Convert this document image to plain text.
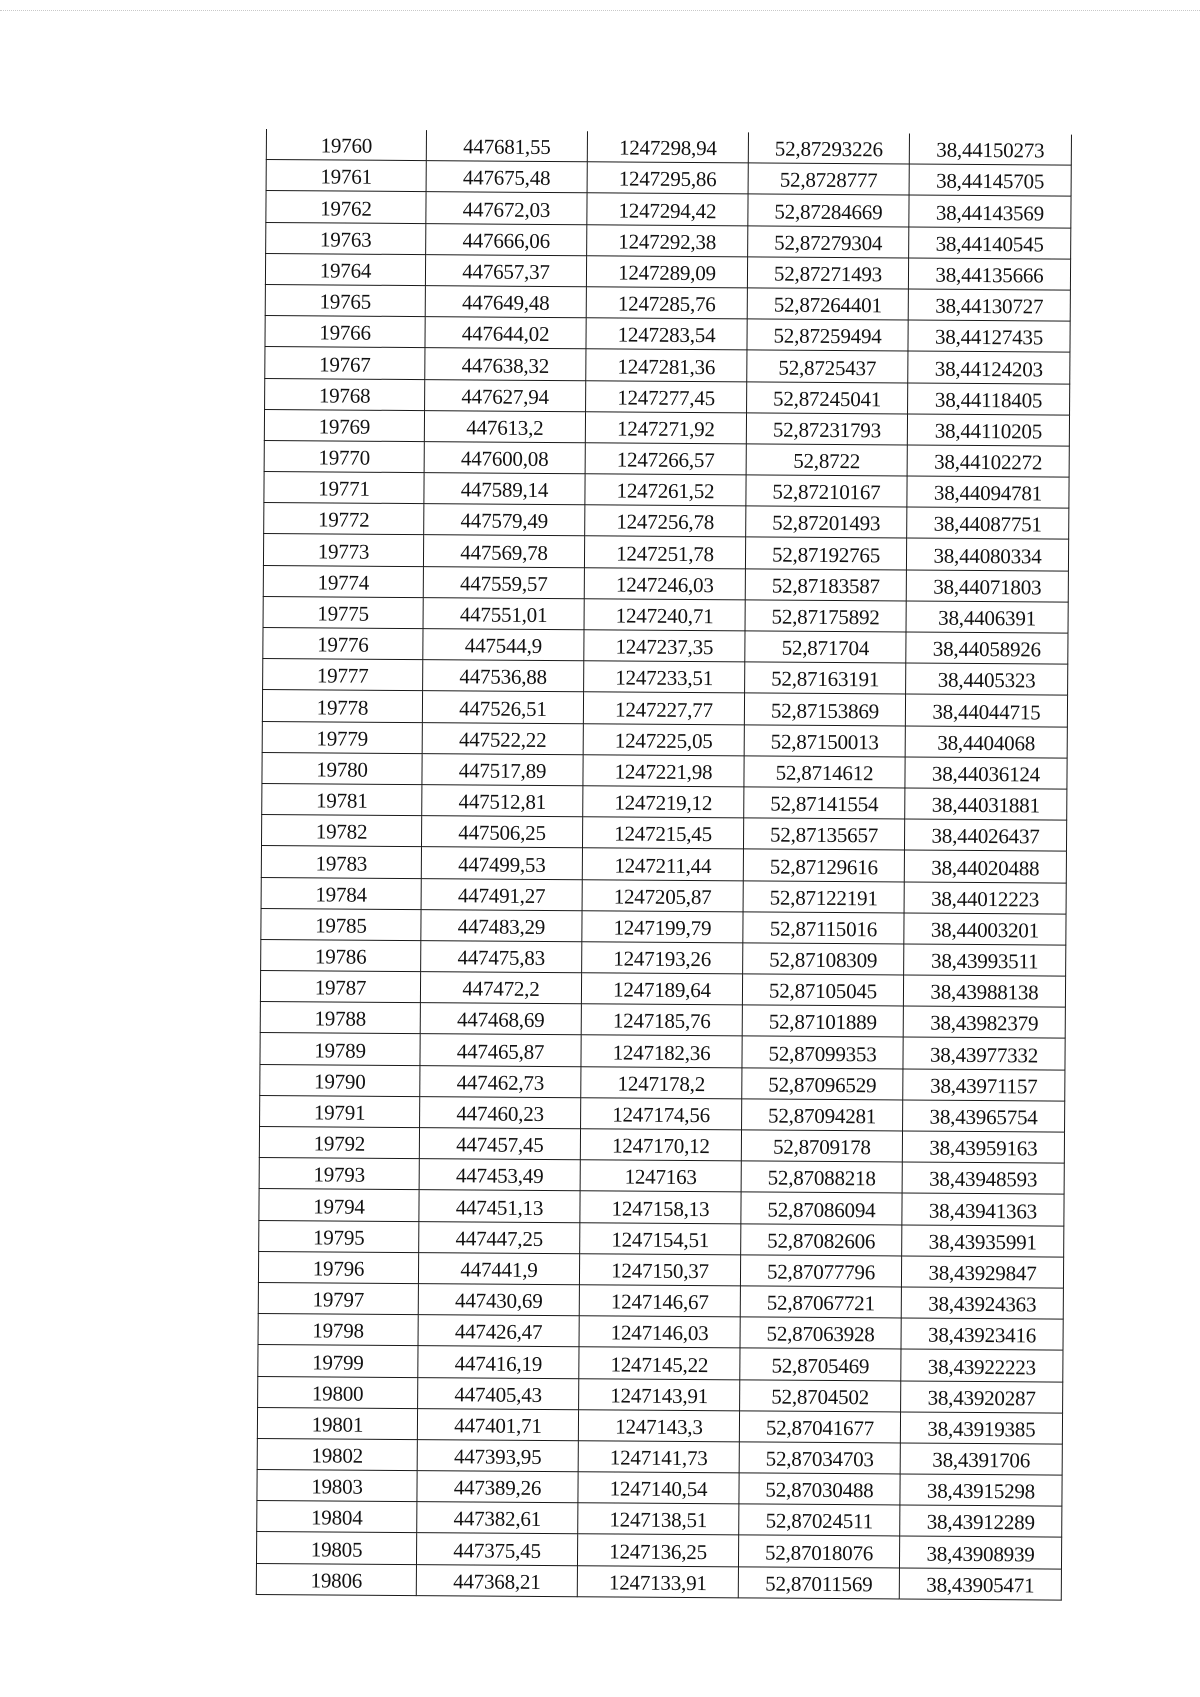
19760	447681,55	1247298,94	52,87293226	38,44150273
19761	447675,48	1247295,86	52,8728777	38,44145705
19762	447672,03	1247294,42	52,87284669	38,44143569
19763	447666,06	1247292,38	52,87279304	38,44140545
19764	447657,37	1247289,09	52,87271493	38,44135666
19765	447649,48	1247285,76	52,87264401	38,44130727
19766	447644,02	1247283,54	52,87259494	38,44127435
19767	447638,32	1247281,36	52,8725437	38,44124203
19768	447627,94	1247277,45	52,87245041	38,44118405
19769	447613,2	1247271,92	52,87231793	38,44110205
19770	447600,08	1247266,57	52,8722	38,44102272
19771	447589,14	1247261,52	52,87210167	38,44094781
19772	447579,49	1247256,78	52,87201493	38,44087751
19773	447569,78	1247251,78	52,87192765	38,44080334
19774	447559,57	1247246,03	52,87183587	38,44071803
19775	447551,01	1247240,71	52,87175892	38,4406391
19776	447544,9	1247237,35	52,871704	38,44058926
19777	447536,88	1247233,51	52,87163191	38,4405323
19778	447526,51	1247227,77	52,87153869	38,44044715
19779	447522,22	1247225,05	52,87150013	38,4404068
19780	447517,89	1247221,98	52,8714612	38,44036124
19781	447512,81	1247219,12	52,87141554	38,44031881
19782	447506,25	1247215,45	52,87135657	38,44026437
19783	447499,53	1247211,44	52,87129616	38,44020488
19784	447491,27	1247205,87	52,87122191	38,44012223
19785	447483,29	1247199,79	52,87115016	38,44003201
19786	447475,83	1247193,26	52,87108309	38,43993511
19787	447472,2	1247189,64	52,87105045	38,43988138
19788	447468,69	1247185,76	52,87101889	38,43982379
19789	447465,87	1247182,36	52,87099353	38,43977332
19790	447462,73	1247178,2	52,87096529	38,43971157
19791	447460,23	1247174,56	52,87094281	38,43965754
19792	447457,45	1247170,12	52,8709178	38,43959163
19793	447453,49	1247163	52,87088218	38,43948593
19794	447451,13	1247158,13	52,87086094	38,43941363
19795	447447,25	1247154,51	52,87082606	38,43935991
19796	447441,9	1247150,37	52,87077796	38,43929847
19797	447430,69	1247146,67	52,87067721	38,43924363
19798	447426,47	1247146,03	52,87063928	38,43923416
19799	447416,19	1247145,22	52,8705469	38,43922223
19800	447405,43	1247143,91	52,8704502	38,43920287
19801	447401,71	1247143,3	52,87041677	38,43919385
19802	447393,95	1247141,73	52,87034703	38,4391706
19803	447389,26	1247140,54	52,87030488	38,43915298
19804	447382,61	1247138,51	52,87024511	38,43912289
19805	447375,45	1247136,25	52,87018076	38,43908939
19806	447368,21	1247133,91	52,87011569	38,43905471
